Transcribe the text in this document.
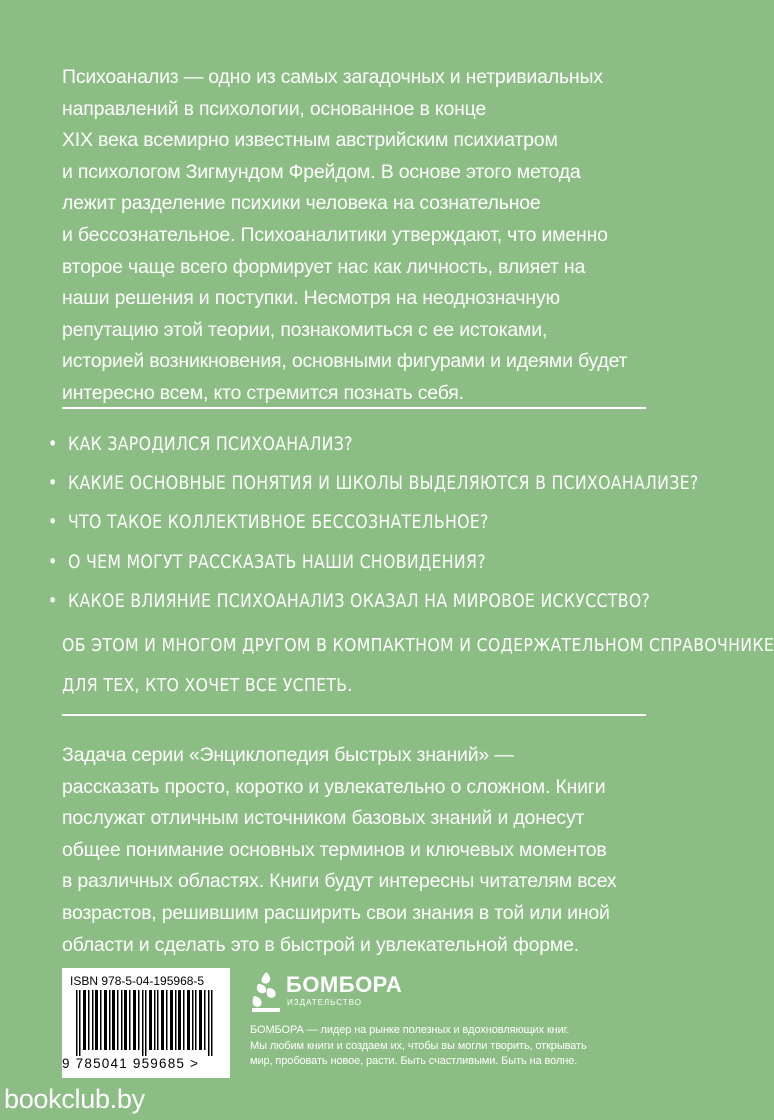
Психоанализ — одно из самых загадочных и нетривиальных
направлений в психологии, основанное в конце
XIX века всемирно известным австрийским психиатром
и психологом Зигмундом Фрейдом. В основе этого метода
лежит разделение психики человека на сознательное
и бессознательное. Психоаналитики утверждают, что именно
второе чаще всего формирует нас как личность, влияет на
наши решения и поступки. Несмотря на неоднозначную
репутацию этой теории, познакомиться с ее истоками,
историей возникновения, основными фигурами и идеями будет
интересно всем, кто стремится познать себя.
• КАК ЗАРОДИЛСЯ ПСИХОАНАЛИЗ?
• КАКИЕ ОСНОВНЫЕ ПОНЯТИЯ И ШКОЛЫ ВЫДЕЛЯЮТСЯ В ПСИХОАНАЛИЗЕ?
• ЧТО ТАКОЕ КОЛЛЕКТИВНОЕ БЕССОЗНАТЕЛЬНОЕ?
• О ЧЕМ МОГУТ РАССКАЗАТЬ НАШИ СНОВИДЕНИЯ?
• КАКОЕ ВЛИЯНИЕ ПСИХОАНАЛИЗ ОКАЗАЛ НА МИРОВОЕ ИСКУССТВО?
ОБ ЭТОМ И МНОГОМ ДРУГОМ В КОМПАКТНОМ И СОДЕРЖАТЕЛЬНОМ СПРАВОЧНИКЕ
ДЛЯ ТЕХ, КТО ХОЧЕТ ВСЕ УСПЕТЬ.
Задача серии «Энциклопедия быстрых знаний» —
рассказать просто, коротко и увлекательно о сложном. Книги
послужат отличным источником базовых знаний и донесут
общее понимание основных терминов и ключевых моментов
в различных областях. Книги будут интересны читателям всех
возрастов, решившим расширить свои знания в той или иной
области и сделать это в быстрой и увлекательной форме.
ISBN 978-5-04-195968-5
9 785041 959685 >
БОМБОРА
ИЗДАТЕЛЬСТВО
БОМБОРА — лидер на рынке полезных и вдохновляющих книг.
Мы любим книги и создаем их, чтобы вы могли творить, открывать
мир, пробовать новое, расти. Быть счастливыми. Быть на волне.
bookclub.by
